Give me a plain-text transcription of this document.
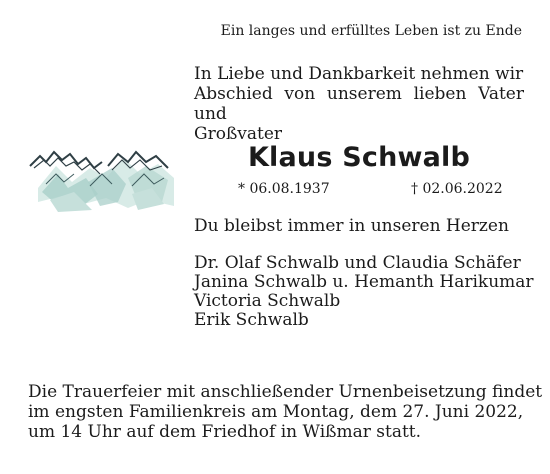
Ein langes und erfülltes Leben ist zu Ende

In Liebe und Dankbarkeit nehmen wir
Abschied von unserem lieben Vater und
Großvater

Klaus Schwalb
* 06.08.1937	† 02.06.2022
Du bleibst immer in unseren Herzen
Dr. Olaf Schwalb und Claudia Schäfer
Janina Schwalb u. Hemanth Harikumar
Victoria Schwalb
Erik Schwalb

Die Trauerfeier mit anschließender Urnenbeisetzung findet
im engsten Familienkreis am Montag, dem 27. Juni 2022,
um 14 Uhr auf dem Friedhof in Wißmar statt.
